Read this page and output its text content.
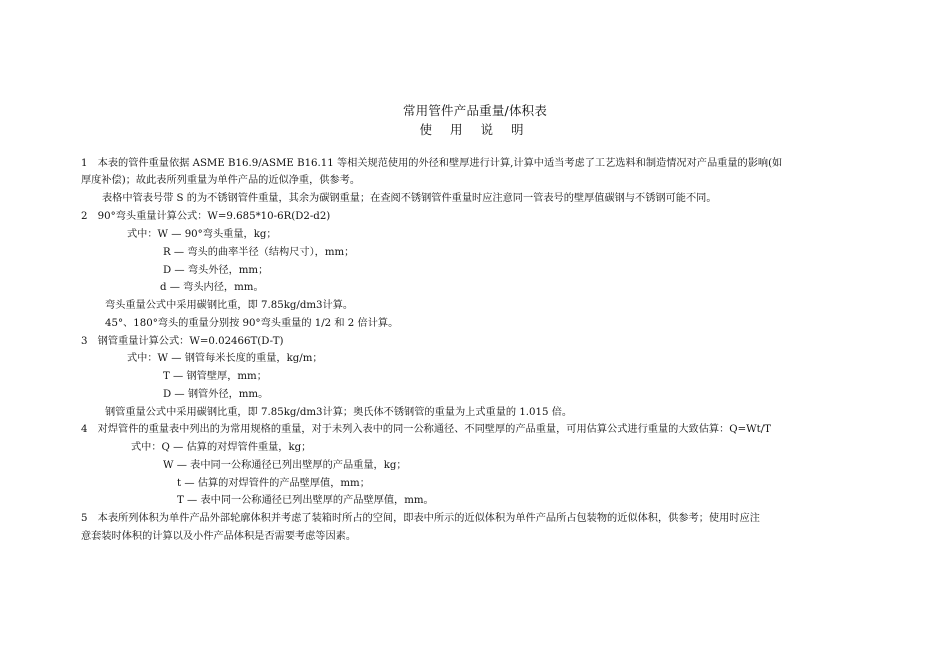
常用管件产品重量/体积表
使 用 说 明
1　本表的管件重量依据 ASME B16.9/ASME B16.11 等相关规范使用的外径和壁厚进行计算,计算中适当考虑了工艺选料和制造情况对产品重量的影响(如
厚度补偿)；故此表所列重量为单件产品的近似净重，供参考。
表格中管表号带 S 的为不锈钢管件重量，其余为碳钢重量；在查阅不锈钢管件重量时应注意同一管表号的壁厚值碳钢与不锈钢可能不同。
2　90°弯头重量计算公式：W=9.685*10-6R(D2-d2)
式中：W — 90°弯头重量，kg；
R — 弯头的曲率半径（结构尺寸），mm；
D — 弯头外径，mm；
d — 弯头内径，mm。
弯头重量公式中采用碳钢比重，即 7.85kg/dm3计算。
45°、180°弯头的重量分别按 90°弯头重量的 1/2 和 2 倍计算。
3　钢管重量计算公式：W=0.02466T(D-T)
式中：W — 钢管每米长度的重量，kg/m；
T — 钢管壁厚，mm；
D — 钢管外径，mm。
钢管重量公式中采用碳钢比重，即 7.85kg/dm3计算；奥氏体不锈钢管的重量为上式重量的 1.015 倍。
4　对焊管件的重量表中列出的为常用规格的重量，对于未列入表中的同一公称通径、不同壁厚的产品重量，可用估算公式进行重量的大致估算：Q=Wt/T
式中：Q — 估算的对焊管件重量，kg；
W — 表中同一公称通径已列出壁厚的产品重量，kg；
t — 估算的对焊管件的产品壁厚值，mm；
T — 表中同一公称通径已列出壁厚的产品壁厚值，mm。
5　本表所列体积为单件产品外部轮廓体积并考虑了装箱时所占的空间，即表中所示的近似体积为单件产品所占包装物的近似体积，供参考；使用时应注
意套装时体积的计算以及小件产品体积是否需要考虑等因素。
